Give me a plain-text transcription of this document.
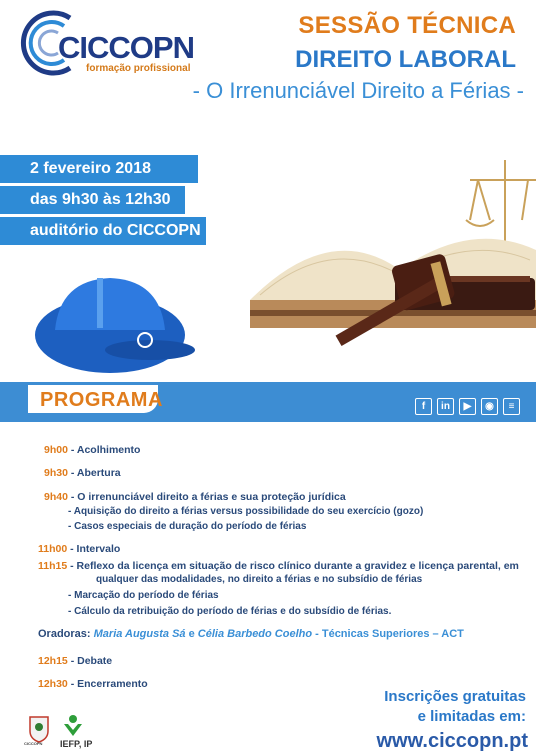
CICCOPN
formação profissional
SESSÃO TÉCNICA
DIREITO LABORAL
- O Irrenunciável Direito a Férias -
2 fevereiro 2018
das 9h30 às 12h30
auditório do CICCOPN
PROGRAMA	f	in	▶	◉	≡
9h00 - Acolhimento
9h30 - Abertura
9h40 - O irrenunciável direito a férias e sua proteção jurídica
- Aquisição do direito a férias versus possibilidade do seu exercício (gozo)
- Casos especiais de duração do período de férias
11h00 - Intervalo
11h15 - Reflexo da licença em situação de risco clínico durante a gravidez e licença parental, em
qualquer das modalidades, no direito a férias e no subsídio de férias
- Marcação do período de férias
- Cálculo da retribuição do período de férias e do subsídio de férias.
Oradoras: Maria Augusta Sá e Célia Barbedo Coelho - Técnicas Superiores – ACT
12h15 - Debate
12h30 - Encerramento
Inscrições gratuitas
e limitadas em:
www.ciccopn.pt
CICCOPN IEFP, IP
